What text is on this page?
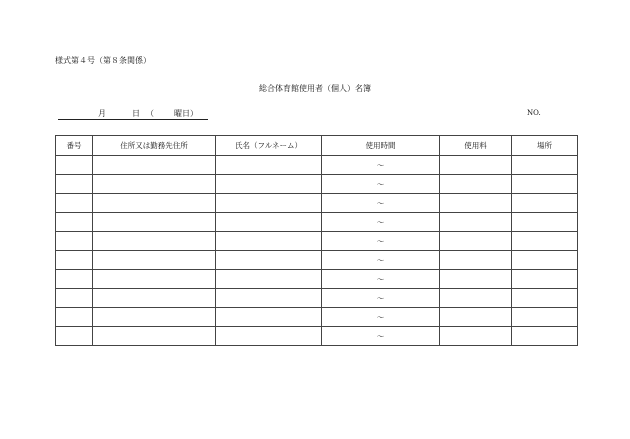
様式第４号（第８条関係）
総合体育館使用者（個人）名簿
月	日 （	曜日）	NO.
番号	住所又は勤務先住所	氏名（フルネーム）	使用時間	使用料	場所
			～		
			～		
			～		
			～		
			～		
			～		
			～		
			～		
			～		
			～		
